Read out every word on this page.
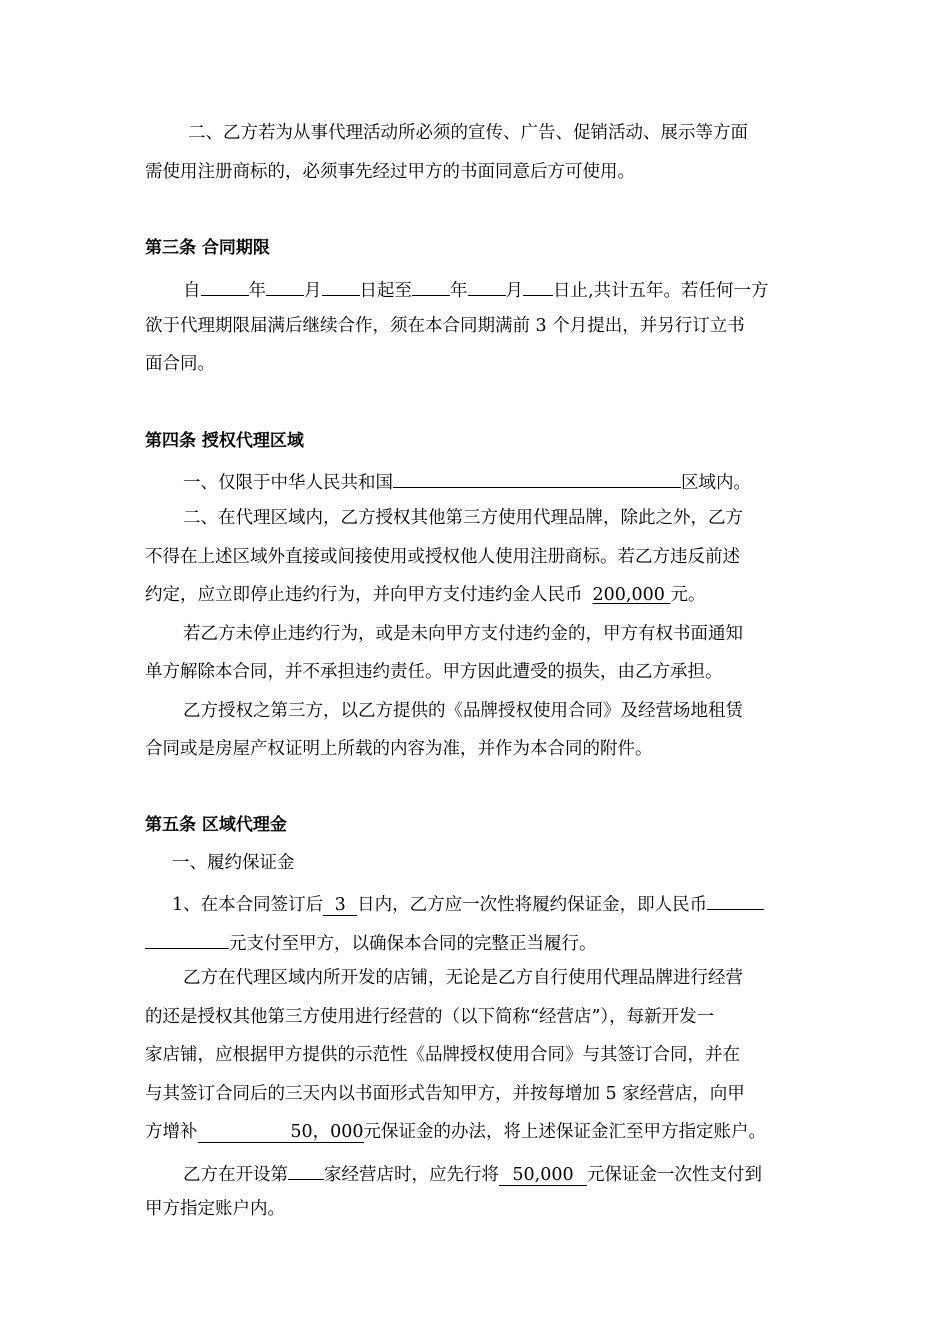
二、乙方若为从事代理活动所必须的宣传、广告、促销活动、展示等方面
需使用注册商标的，必须事先经过甲方的书面同意后方可使用。
第三条 合同期限
自	年 月 日起至 年 月 日止,共计五年。若任何一方
欲于代理期限届满后继续合作，须在本合同期满前 3 个月提出，并另行订立书
面合同。
第四条 授权代理区域
一、仅限于中华人民共和国	区域内。
二、在代理区域内，乙方授权其他第三方使用代理品牌，除此之外，乙方
不得在上述区域外直接或间接使用或授权他人使用注册商标。若乙方违反前述
约定，应立即停止违约行为，并向甲方支付违约金人民币 200,000 元。
若乙方未停止违约行为，或是未向甲方支付违约金的，甲方有权书面通知
单方解除本合同，并不承担违约责任。甲方因此遭受的损失，由乙方承担。
乙方授权之第三方，以乙方提供的《品牌授权使用合同》及经营场地租赁
合同或是房屋产权证明上所载的内容为准，并作为本合同的附件。
第五条 区域代理金
一、履约保证金
1、在本合同签订后 3 日内，乙方应一次性将履约保证金，即人民币
元支付至甲方，以确保本合同的完整正当履行。
乙方在代理区域内所开发的店铺，无论是乙方自行使用代理品牌进行经营
的还是授权其他第三方使用进行经营的（以下简称“经营店”），每新开发一
家店铺，应根据甲方提供的示范性《品牌授权使用合同》与其签订合同，并在
与其签订合同后的三天内以书面形式告知甲方，并按每增加 5 家经营店，向甲
方增补	50，000元保证金的办法，将上述保证金汇至甲方指定账户。
乙方在开设第 家经营店时，应先行将 50,000 元保证金一次性支付到
甲方指定账户内。
